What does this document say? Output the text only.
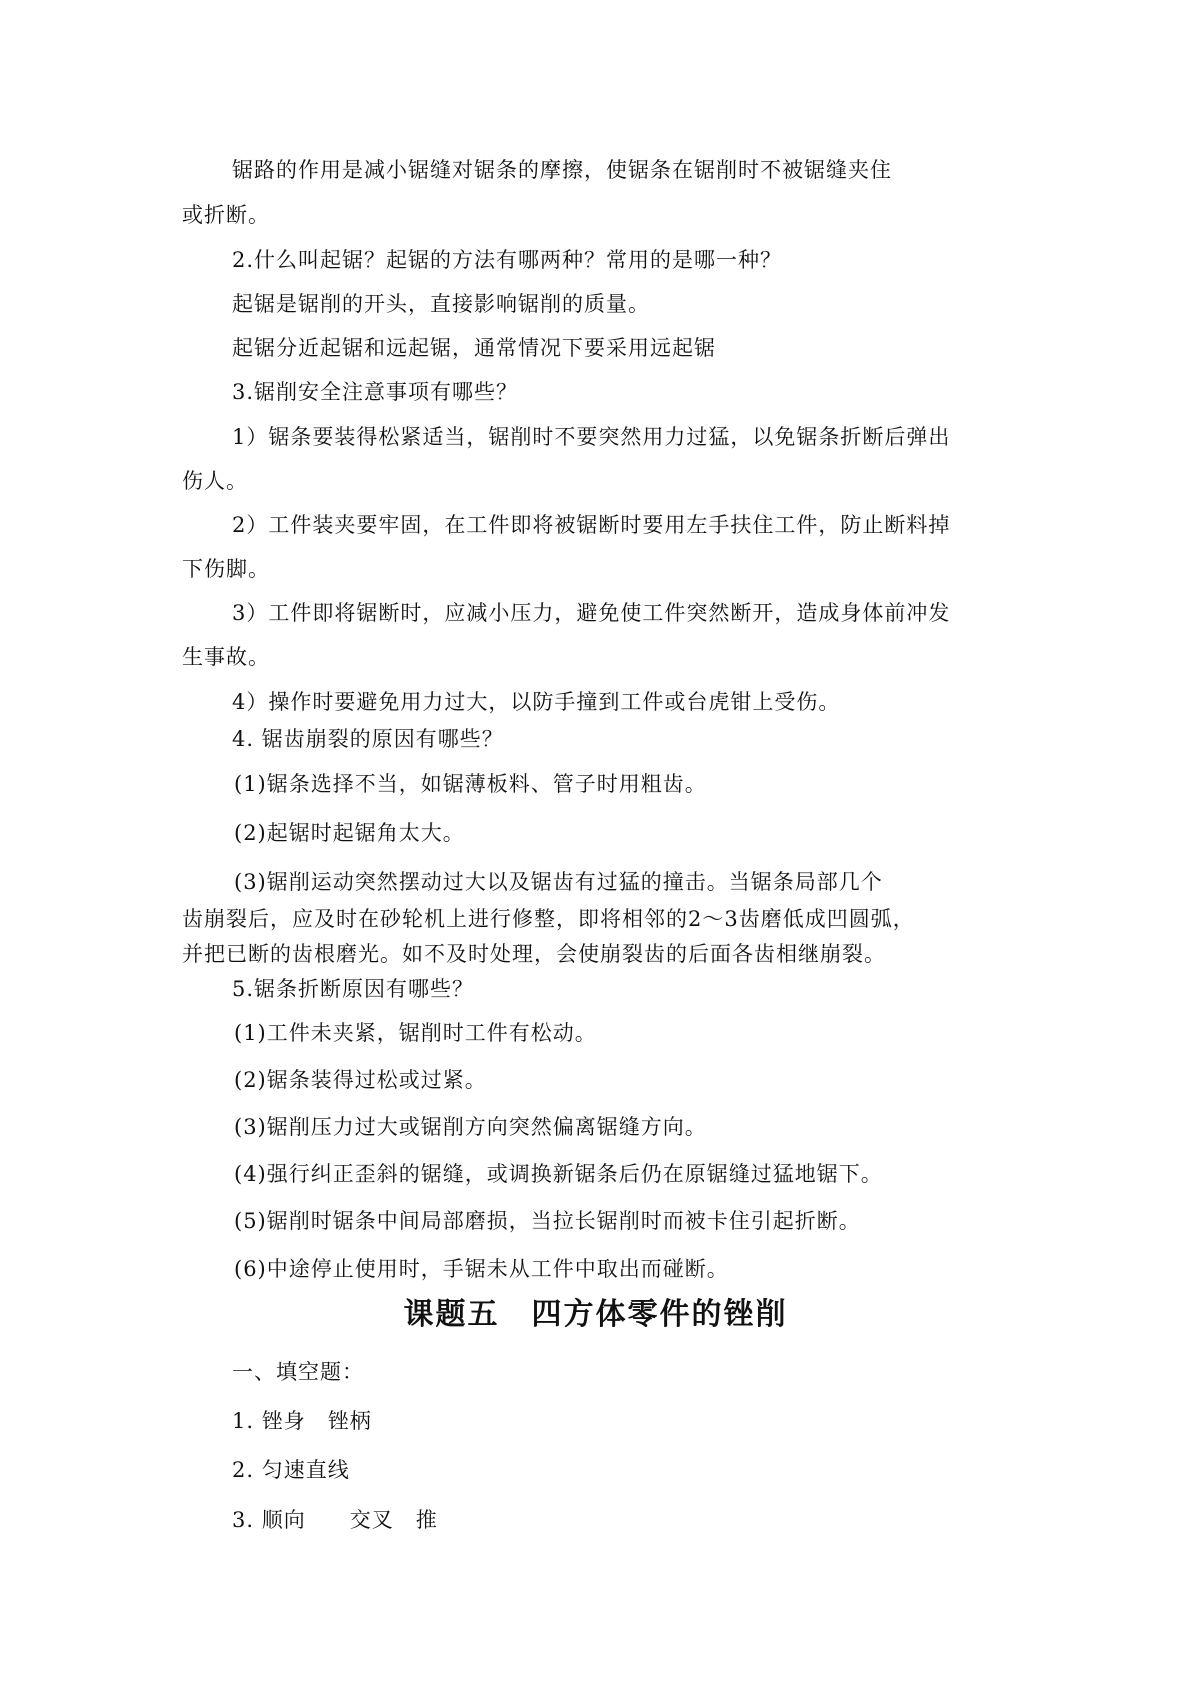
锯路的作用是减小锯缝对锯条的摩擦，使锯条在锯削时不被锯缝夹住
或折断。
2.什么叫起锯？起锯的方法有哪两种？常用的是哪一种？
起锯是锯削的开头，直接影响锯削的质量。
起锯分近起锯和远起锯，通常情况下要采用远起锯
3.锯削安全注意事项有哪些？
1）锯条要装得松紧适当，锯削时不要突然用力过猛，以免锯条折断后弹出
伤人。
2）工件装夹要牢固，在工件即将被锯断时要用左手扶住工件，防止断料掉
下伤脚。
3）工件即将锯断时，应减小压力，避免使工件突然断开，造成身体前冲发
生事故。
4）操作时要避免用力过大，以防手撞到工件或台虎钳上受伤。
4. 锯齿崩裂的原因有哪些？
(1)锯条选择不当，如锯薄板料、管子时用粗齿。
(2)起锯时起锯角太大。
(3)锯削运动突然摆动过大以及锯齿有过猛的撞击。当锯条局部几个
齿崩裂后，应及时在砂轮机上进行修整，即将相邻的2～3齿磨低成凹圆弧，
并把已断的齿根磨光。如不及时处理，会使崩裂齿的后面各齿相继崩裂。
5.锯条折断原因有哪些？
(1)工件未夹紧，锯削时工件有松动。
(2)锯条装得过松或过紧。
(3)锯削压力过大或锯削方向突然偏离锯缝方向。
(4)强行纠正歪斜的锯缝，或调换新锯条后仍在原锯缝过猛地锯下。
(5)锯削时锯条中间局部磨损，当拉长锯削时而被卡住引起折断。
(6)中途停止使用时，手锯未从工件中取出而碰断。
课题五　四方体零件的锉削
一、填空题：
1. 锉身　锉柄
2. 匀速直线
3. 顺向　　交叉　推
